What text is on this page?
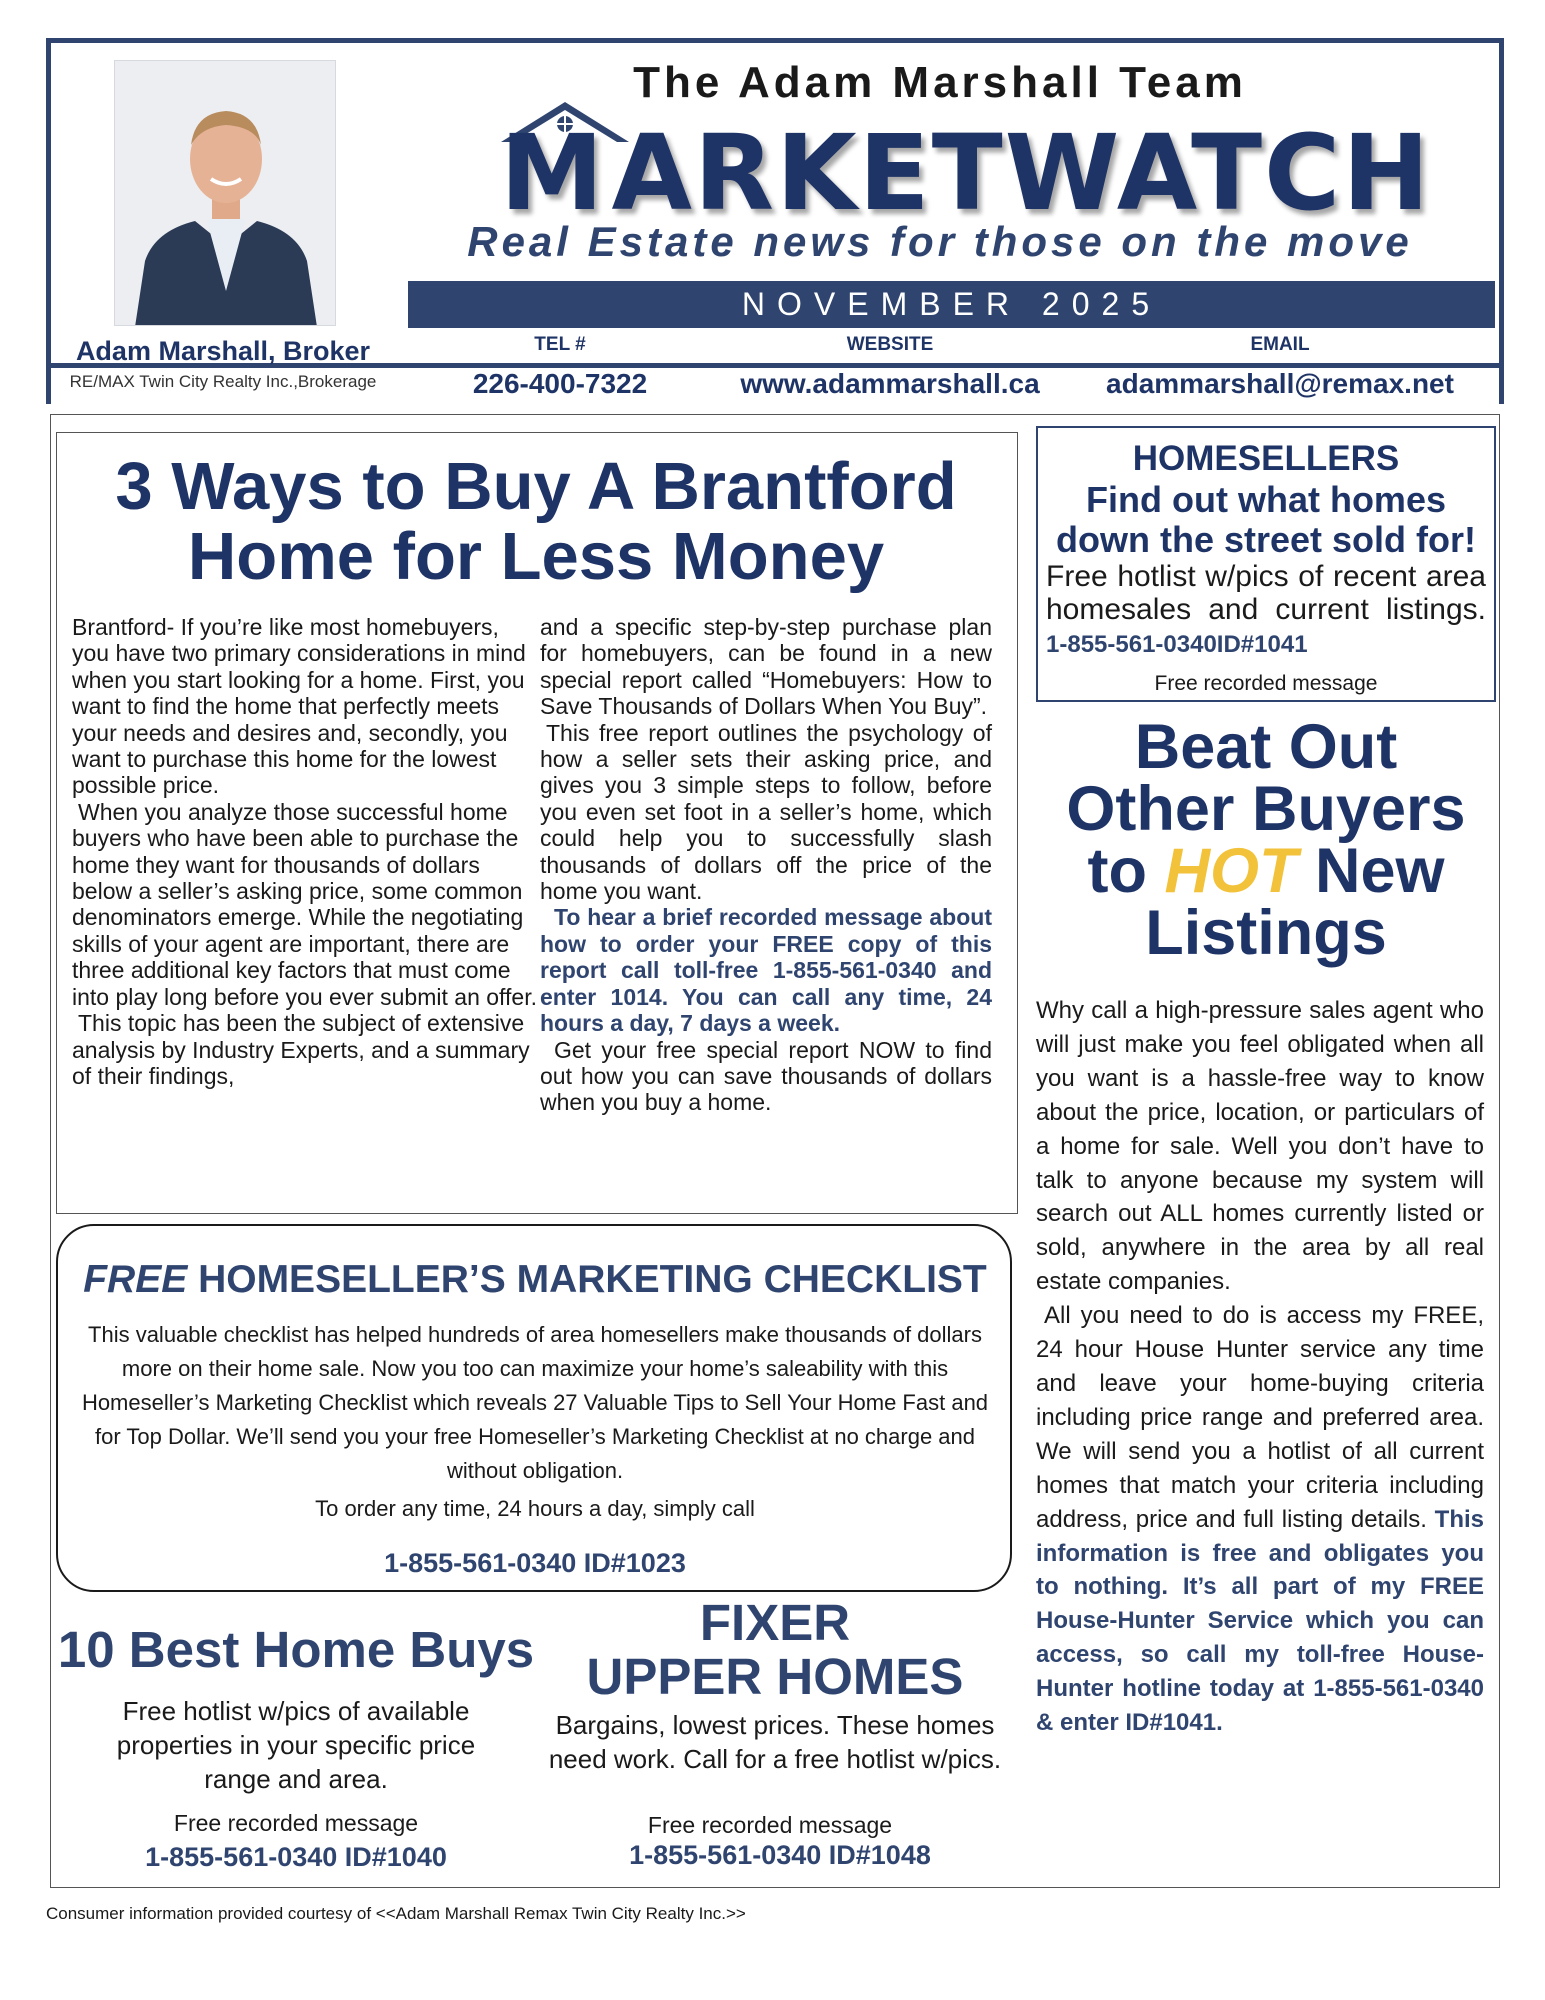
Adam Marshall, Broker
RE/MAX Twin City Realty Inc.,Brokerage
The Adam Marshall Team
MARKETWATCH
Real Estate news for those on the move
NOVEMBER 2025
TEL #
226-400-7322
WEBSITE
www.adammarshall.ca
EMAIL
adammarshall@remax.net
3 Ways to Buy A Brantford
Home for Less Money

Brantford- If you’re like most homebuyers, you have two primary considerations in mind when you start looking for a home. First, you want to find the home that perfectly meets your needs and desires and, secondly, you want to purchase this home for the lowest possible price.

When you analyze those successful home buyers who have been able to purchase the home they want for thousands of dollars below a seller’s asking price, some common denominators emerge. While the negotiating skills of your agent are important, there are three additional key factors that must come into play long before you ever submit an offer.

This topic has been the subject of extensive analysis by Industry Experts, and a summary of their findings,

and a specific step-by-step purchase plan for homebuyers, can be found in a new special report called “Homebuyers: How to Save Thousands of Dollars When You Buy”.

This free report outlines the psychology of how a seller sets their asking price, and gives you 3 simple steps to follow, before you even set foot in a seller’s home, which could help you to successfully slash thousands of dollars off the price of the home you want.

To hear a brief recorded message about how to order your FREE copy of this report call toll-free 1-855-561-0340 and enter 1014. You can call any time, 24 hours a day, 7 days a week.

Get your free special report NOW to find out how you can save thousands of dollars when you buy a home.

HOMESELLERS
Find out what homes
down the street sold for!
Free hotlist w/pics of recent area homesales and current listings. 1-855-561-0340ID#1041
Free recorded message
Beat Out
Other Buyers
to HOT New
Listings

Why call a high-pressure sales agent who will just make you feel obligated when all you want is a hassle-free way to know about the price, location, or particulars of a home for sale. Well you don’t have to talk to anyone because my system will search out ALL homes currently listed or sold, anywhere in the area by all real estate companies.

All you need to do is access my FREE, 24 hour House Hunter service any time and leave your home-buying criteria including price range and preferred area. We will send you a hotlist of all current homes that match your criteria including address, price and full listing details. This information is free and obligates you to nothing. It’s all part of my FREE House-Hunter Service which you can access, so call my toll-free House-Hunter hotline today at 1-855-561-0340 & enter ID#1041.

FREE HOMESELLER’S MARKETING CHECKLIST
This valuable checklist has helped hundreds of area homesellers make thousands of dollars more on their home sale. Now you too can maximize your home’s saleability with this Homeseller’s Marketing Checklist which reveals 27 Valuable Tips to Sell Your Home Fast and for Top Dollar. We’ll send you your free Homeseller’s Marketing Checklist at no charge and without obligation.
To order any time, 24 hours a day, simply call
1-855-561-0340 ID#1023
10 Best Home Buys
Free hotlist w/pics of available properties in your specific price range and area.
Free recorded message
1-855-561-0340 ID#1040
FIXER
UPPER HOMES
Bargains, lowest prices. These homes need work. Call for a free hotlist w/pics.
Free recorded message
1-855-561-0340 ID#1048
Consumer information provided courtesy of <<Adam Marshall Remax Twin City Realty Inc.>>
